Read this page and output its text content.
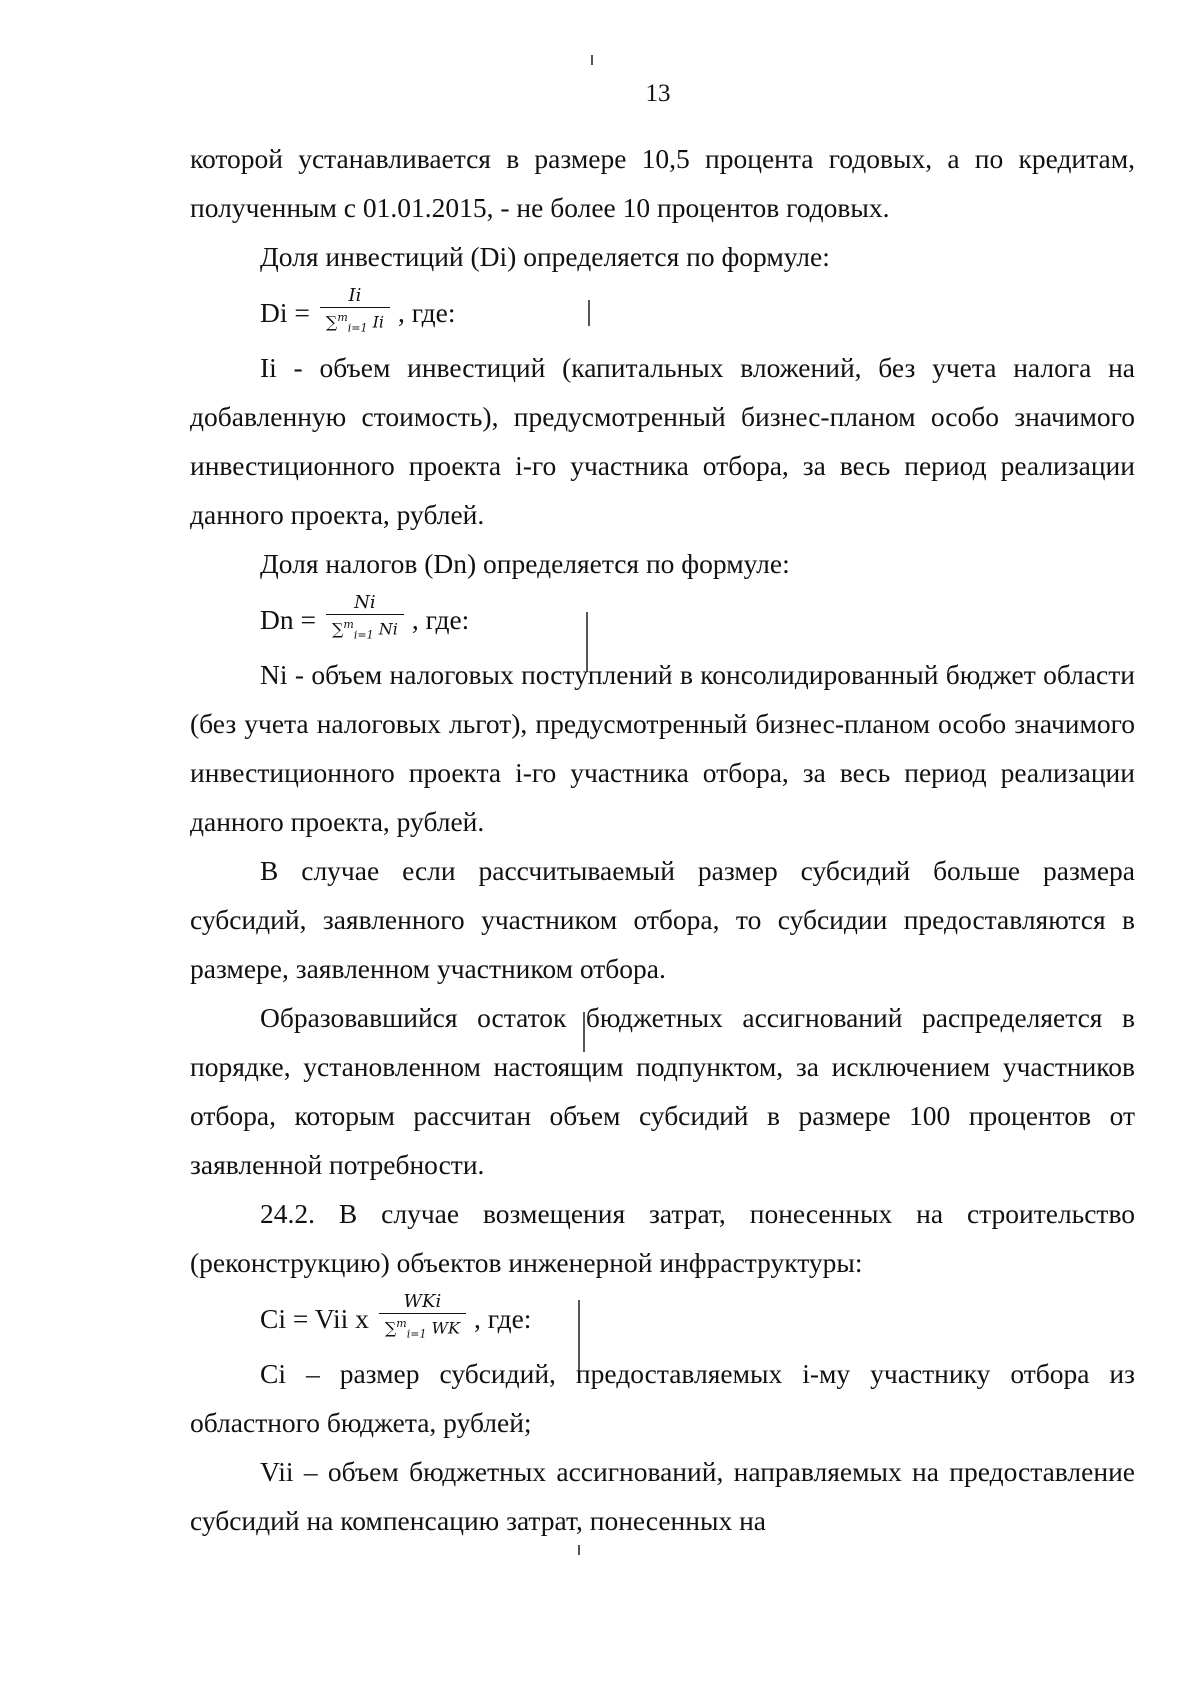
13

которой устанавливается в размере 10,5 процента годовых, а по кредитам, полученным с 01.01.2015, - не более 10 процентов годовых.

Доля инвестиций (Di) определяется по формуле:

$Di = \frac{Ii}{\sum^m_{i=1} Ii}$ , где:

Ii - объем инвестиций (капитальных вложений, без учета налога на добавленную стоимость), предусмотренный бизнес-планом особо значимого инвестиционного проекта i-го участника отбора, за весь период реализации данного проекта, рублей.

Доля налогов (Dn) определяется по формуле:

$Dn = \frac{Ni}{\sum^m_{i=1} Ni}$ , где:

Ni - объем налоговых поступлений в консолидированный бюджет области (без учета налоговых льгот), предусмотренный бизнес-планом особо значимого инвестиционного проекта i-го участника отбора, за весь период реализации данного проекта, рублей.

В случае если рассчитываемый размер субсидий больше размера субсидий, заявленного участником отбора, то субсидии предоставляются в размере, заявленном участником отбора.

Образовавшийся остаток бюджетных ассигнований распределяется в порядке, установленном настоящим подпунктом, за исключением участников отбора, которым рассчитан объем субсидий в размере 100 процентов от заявленной потребности.

24.2. В случае возмещения затрат, понесенных на строительство (реконструкцию) объектов инженерной инфраструктуры:

Ci = Vii x $\frac{\text{WKi}}{\sum^m_{i=1} WK}$ , где:

Ci – размер субсидий, предоставляемых i-му участнику отбора из областного бюджета, рублей;

Vii – объем бюджетных ассигнований, направляемых на предоставление субсидий на компенсацию затрат, понесенных на
